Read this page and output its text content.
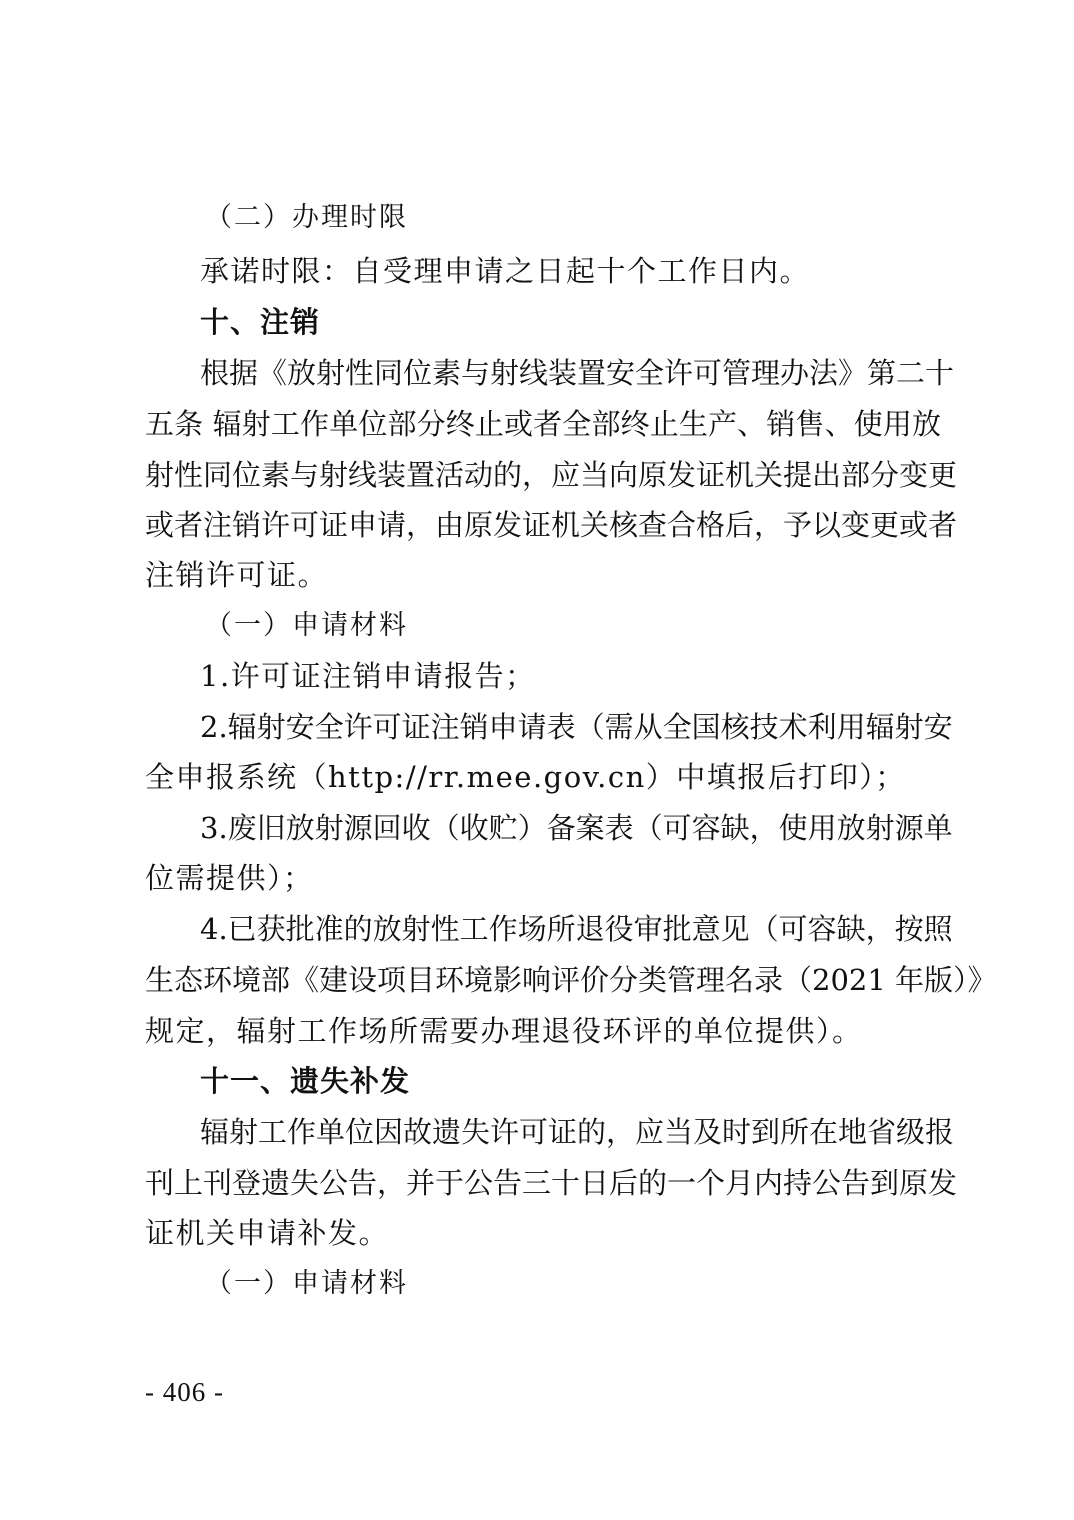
（二）办理时限
承诺时限：自受理申请之日起十个工作日内。
十、注销
根据《放射性同位素与射线装置安全许可管理办法》第二十
五条 辐射工作单位部分终止或者全部终止生产、销售、使用放
射性同位素与射线装置活动的，应当向原发证机关提出部分变更
或者注销许可证申请，由原发证机关核查合格后，予以变更或者
注销许可证。
（一）申请材料
1.许可证注销申请报告；
2.辐射安全许可证注销申请表（需从全国核技术利用辐射安
全申报系统（http://rr.mee.gov.cn）中填报后打印）；
3.废旧放射源回收（收贮）备案表（可容缺，使用放射源单
位需提供）；
4.已获批准的放射性工作场所退役审批意见（可容缺，按照
生态环境部《建设项目环境影响评价分类管理名录（2021 年版）》
规定，辐射工作场所需要办理退役环评的单位提供）。
十一、遗失补发
辐射工作单位因故遗失许可证的，应当及时到所在地省级报
刊上刊登遗失公告，并于公告三十日后的一个月内持公告到原发
证机关申请补发。
（一）申请材料
- 406 -
